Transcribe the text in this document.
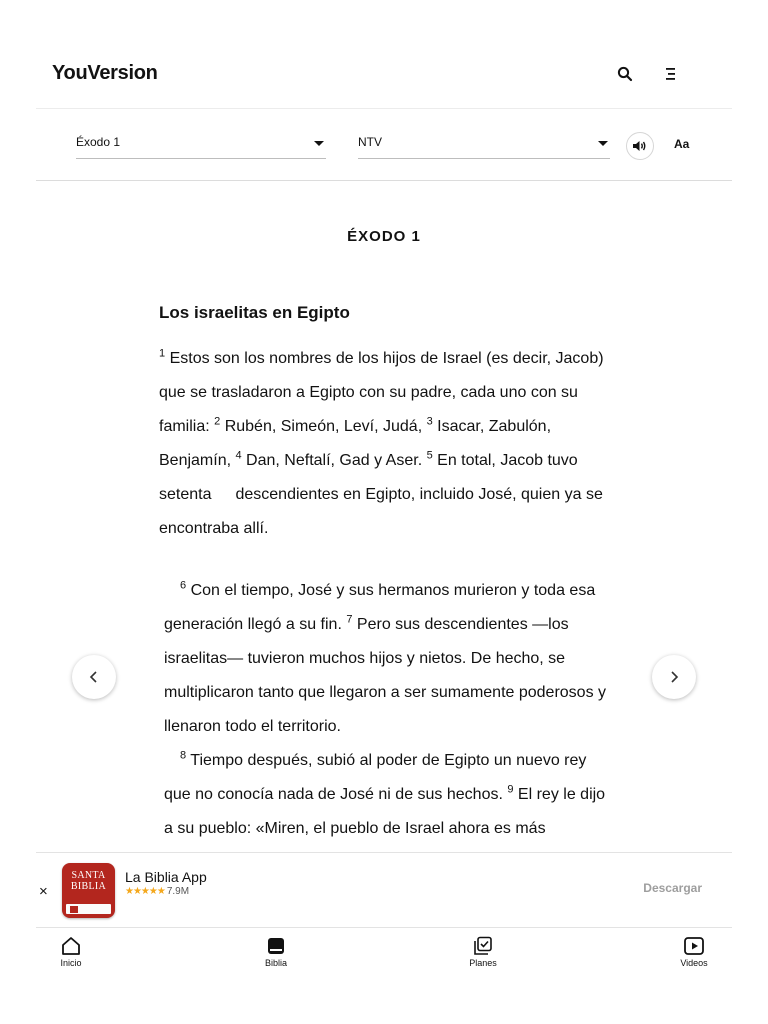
YouVersion
Éxodo 1	NTV	Aa
ÉXODO 1
Los israelitas en Egipto
$^1$ Estos son los nombres de los hijos de Israel (es decir, Jacob) que se trasladaron a Egipto con su padre, cada uno con su familia: $^2$ Rubén, Simeón, Leví, Judá, $^3$ Isacar, Zabulón, Benjamín, $^4$ Dan, Neftalí, Gad y Aser. $^5$ En total, Jacob tuvo setenta  descendientes en Egipto, incluido José, quien ya se encontraba allí.
$^6$ Con el tiempo, José y sus hermanos murieron y toda esa generación llegó a su fin. $^7$ Pero sus descendientes —los israelitas— tuvieron muchos hijos y nietos. De hecho, se multiplicaron tanto que llegaron a ser sumamente poderosos y llenaron todo el territorio.
$^8$ Tiempo después, subió al poder de Egipto un nuevo rey que no conocía nada de José ni de sus hechos. $^9$ El rey le dijo a su pueblo: «Miren, el pueblo de Israel ahora es más
×
SANTA
BIBLIA
La Biblia App
★★★★★ 7.9M	Descargar
Inicio	Biblia	Planes	Videos
